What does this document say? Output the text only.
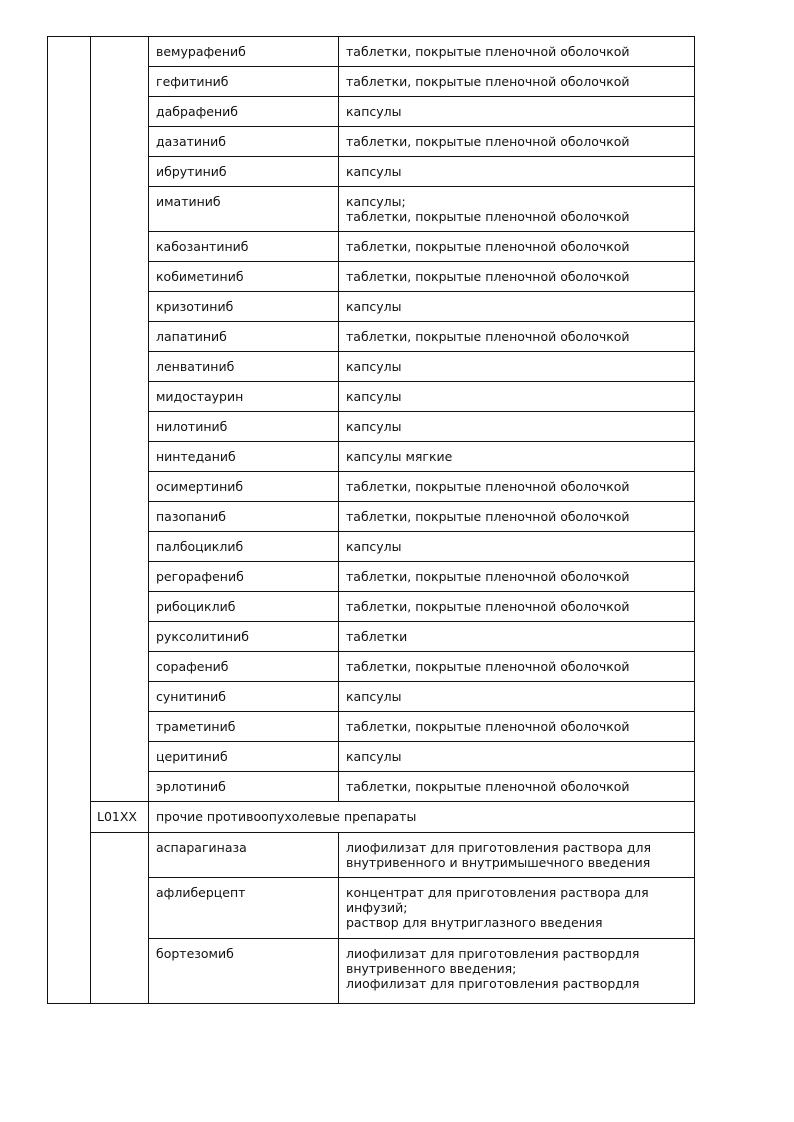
		вемурафениб	таблетки, покрытые пленочной оболочкой
		гефитиниб	таблетки, покрытые пленочной оболочкой
		дабрафениб	капсулы
		дазатиниб	таблетки, покрытые пленочной оболочкой
		ибрутиниб	капсулы
		иматиниб	капсулы;
таблетки, покрытые пленочной оболочкой
		кабозантиниб	таблетки, покрытые пленочной оболочкой
		кобиметиниб	таблетки, покрытые пленочной оболочкой
		кризотиниб	капсулы
		лапатиниб	таблетки, покрытые пленочной оболочкой
		ленватиниб	капсулы
		мидостаурин	капсулы
		нилотиниб	капсулы
		нинтеданиб	капсулы мягкие
		осимертиниб	таблетки, покрытые пленочной оболочкой
		пазопаниб	таблетки, покрытые пленочной оболочкой
		палбоциклиб	капсулы
		регорафениб	таблетки, покрытые пленочной оболочкой
		рибоциклиб	таблетки, покрытые пленочной оболочкой
		руксолитиниб	таблетки
		сорафениб	таблетки, покрытые пленочной оболочкой
		сунитиниб	капсулы
		траметиниб	таблетки, покрытые пленочной оболочкой
		церитиниб	капсулы
		эрлотиниб	таблетки, покрытые пленочной оболочкой
	L01XX	прочие противоопухолевые препараты	
		аспарагиназа	лиофилизат для приготовления раствора для внутривенного и внутримышечного введения
		афлиберцепт	концентрат для приготовления раствора для инфузий;
раствор для внутриглазного введения
		бортезомиб	лиофилизат для приготовления раствордля внутривенного введения;
лиофилизат для приготовления раствордля
